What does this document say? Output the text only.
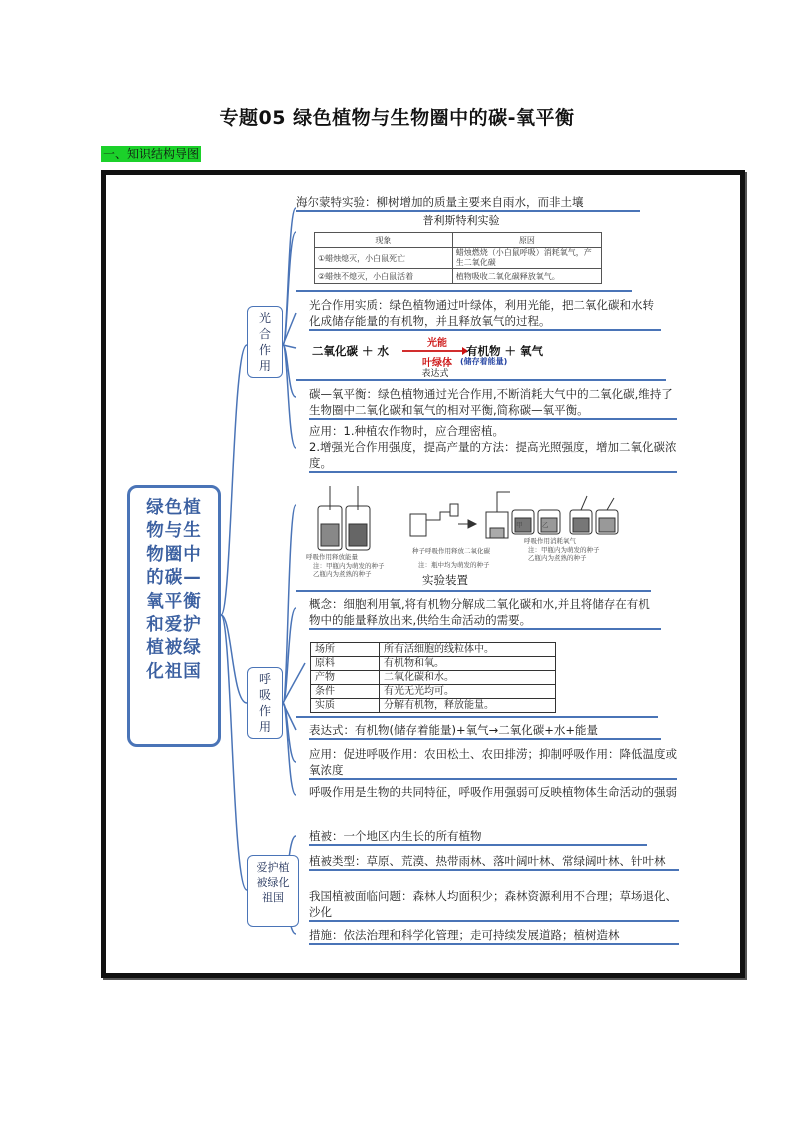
专题05 绿色植物与生物圈中的碳-氧平衡
一、知识结构导图
绿色植物与生物圈中的碳—氧平衡和爱护植被绿化祖国
光合作用
呼吸作用
爱护植被绿化祖国
海尔蒙特实验：柳树增加的质量主要来自雨水，而非土壤
普利斯特利实验
现象	原因
①蜡烛熄灭，小白鼠死亡	蜡烛燃烧（小白鼠呼吸）消耗氧气，产生二氧化碳
②蜡烛不熄灭，小白鼠活着	植物吸收二氧化碳释放氧气。
光合作用实质：绿色植物通过叶绿体，利用光能，把二氧化碳和水转化成储存能量的有机物，并且释放氧气的过程。
二氧化碳 ＋ 水
光能
叶绿体
有机物 ＋ 氧气
(储存着能量)
表达式
碳—氧平衡：绿色植物通过光合作用,不断消耗大气中的二氧化碳,维持了生物圈中二氧化碳和氧气的相对平衡,简称碳—氧平衡。
应用：1.种植农作物时，应合理密植。
2.增强光合作用强度，提高产量的方法：提高光照强度，增加二氧化碳浓度。
呼吸作用释放能量
注：甲瓶内为萌发的种子
乙瓶内为煮熟的种子
种子呼吸作用释放二氧化碳
注：瓶中均为萌发的种子
呼吸作用消耗氧气
注：甲瓶内为萌发的种子
乙瓶内为煮熟的种子
甲	乙
实验装置
概念：细胞利用氧,将有机物分解成二氧化碳和水,并且将储存在有机物中的能量释放出来,供给生命活动的需要。
场所	所有活细胞的线粒体中。
原料	有机物和氧。
产物	二氧化碳和水。
条件	有光无光均可。
实质	分解有机物，释放能量。
表达式：有机物(储存着能量)+氧气→二氧化碳+水+能量
应用：促进呼吸作用：农田松土、农田排涝；抑制呼吸作用：降低温度或氧浓度
呼吸作用是生物的共同特征，呼吸作用强弱可反映植物体生命活动的强弱
植被：一个地区内生长的所有植物
植被类型：草原、荒漠、热带雨林、落叶阔叶林、常绿阔叶林、针叶林
我国植被面临问题：森林人均面积少；森林资源利用不合理；草场退化、沙化
措施：依法治理和科学化管理；走可持续发展道路；植树造林
